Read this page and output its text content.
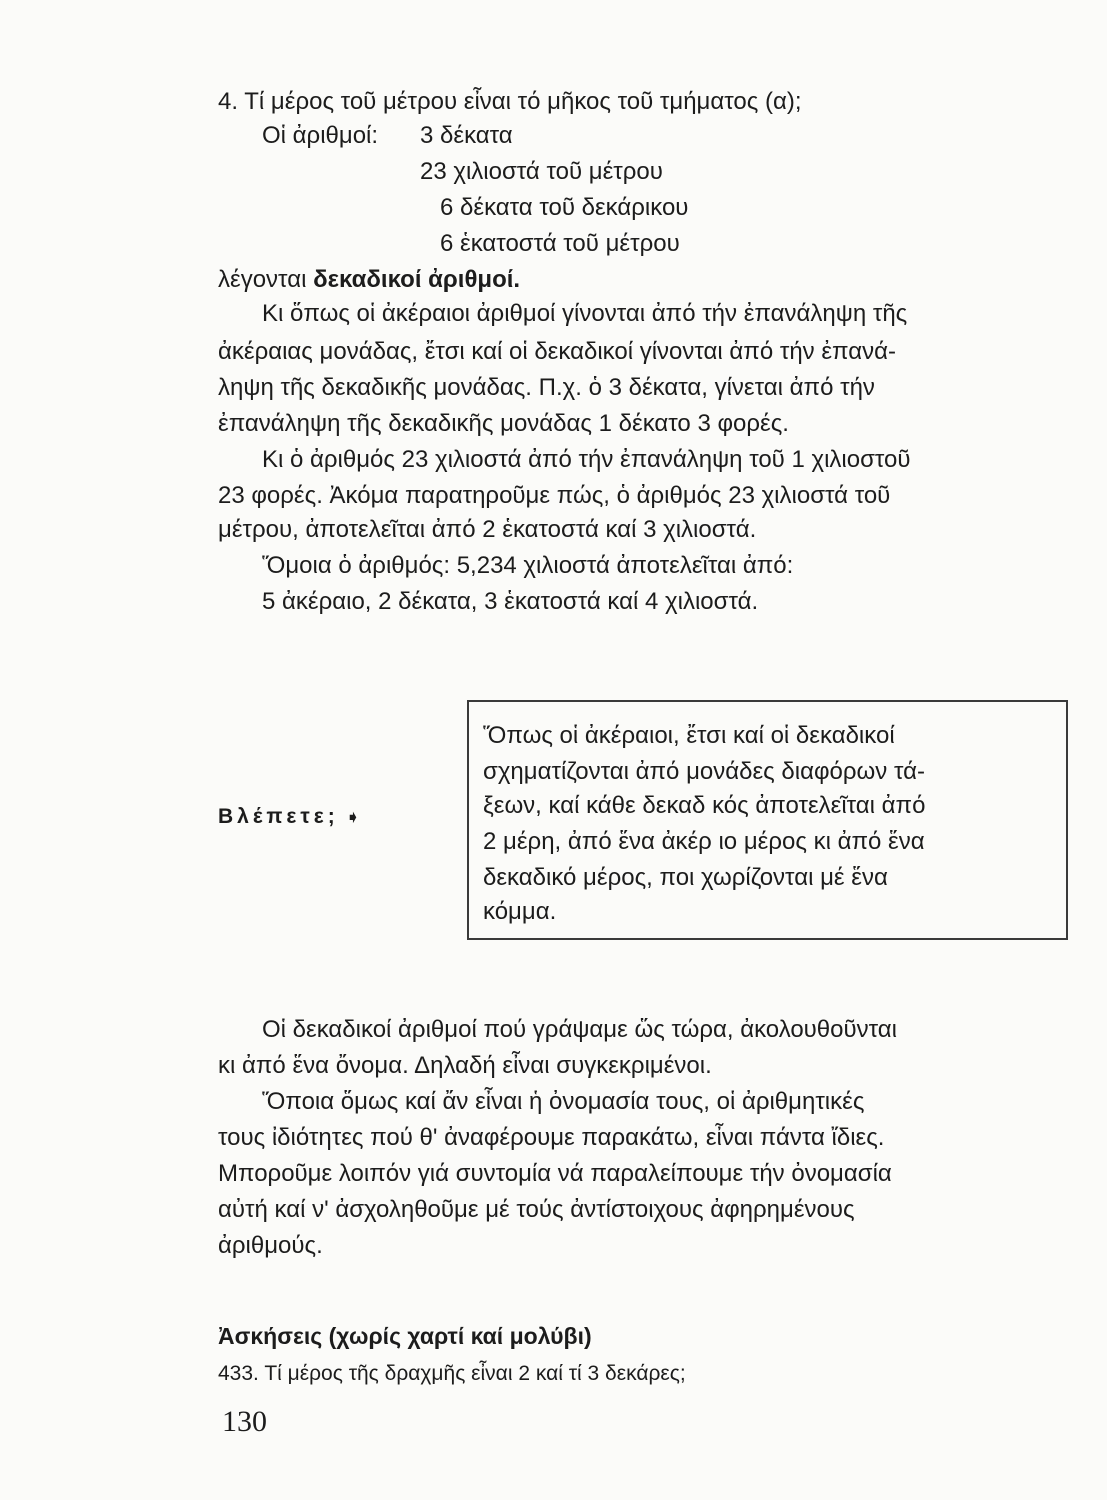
4. Τί μέρος τοῦ μέτρου εἶναι τό μῆκος τοῦ τμήματος (α);
Οἱ ἀριθμοί: 3 δέκατα
23 χιλιοστά τοῦ μέτρου
6 δέκατα τοῦ δεκάρικου
6 ἑκατοστά τοῦ μέτρου
λέγονται δεκαδικοί ἀριθμοί.
Κι ὅπως οἱ ἀκέραιοι ἀριθμοί γίνονται ἀπό τήν ἐπανάληψη τῆς
ἀκέραιας μονάδας, ἔτσι καί οἱ δεκαδικοί γίνονται ἀπό τήν ἐπανά-
ληψη τῆς δεκαδικῆς μονάδας. Π.χ. ὁ 3 δέκατα, γίνεται ἀπό τήν
ἐπανάληψη τῆς δεκαδικῆς μονάδας 1 δέκατο 3 φορές.
Κι ὁ ἀριθμός 23 χιλιοστά ἀπό τήν ἐπανάληψη τοῦ 1 χιλιοστοῦ
23 φορές. Ἀκόμα παρατηροῦμε πώς, ὁ ἀριθμός 23 χιλιοστά τοῦ
μέτρου, ἀποτελεῖται ἀπό 2 ἑκατοστά καί 3 χιλιοστά.
Ὅμοια ὁ ἀριθμός: 5,234 χιλιοστά ἀποτελεῖται ἀπό:
5 ἀκέραιο, 2 δέκατα, 3 ἑκατοστά καί 4 χιλιοστά.
Βλέπετε; ➧
Ὅπως οἱ ἀκέραιοι, ἔτσι καί οἱ δεκαδικοί
σχηματίζονται ἀπό μονάδες διαφόρων τά-
ξεων, καί κάθε δεκαδ κός ἀποτελεῖται ἀπό
2 μέρη, ἀπό ἕνα ἀκέρ ιο μέρος κι ἀπό ἕνα
δεκαδικό μέρος, ποι χωρίζονται μέ ἕνα
κόμμα.
Οἱ δεκαδικοί ἀριθμοί πού γράψαμε ὥς τώρα, ἀκολουθοῦνται
κι ἀπό ἕνα ὄνομα. Δηλαδή εἶναι συγκεκριμένοι.
Ὅποια ὅμως καί ἄν εἶναι ἡ ὀνομασία τους, οἱ ἀριθμητικές
τους ἰδιότητες πού θ' ἀναφέρουμε παρακάτω, εἶναι πάντα ἴδιες.
Μποροῦμε λοιπόν γιά συντομία νά παραλείπουμε τήν ὀνομασία
αὐτή καί ν' ἀσχοληθοῦμε μέ τούς ἀντίστοιχους ἀφηρημένους
ἀριθμούς.
Ἀσκήσεις (χωρίς χαρτί καί μολύβι)
433. Τί μέρος τῆς δραχμῆς εἶναι 2 καί τί 3 δεκάρες;
130
